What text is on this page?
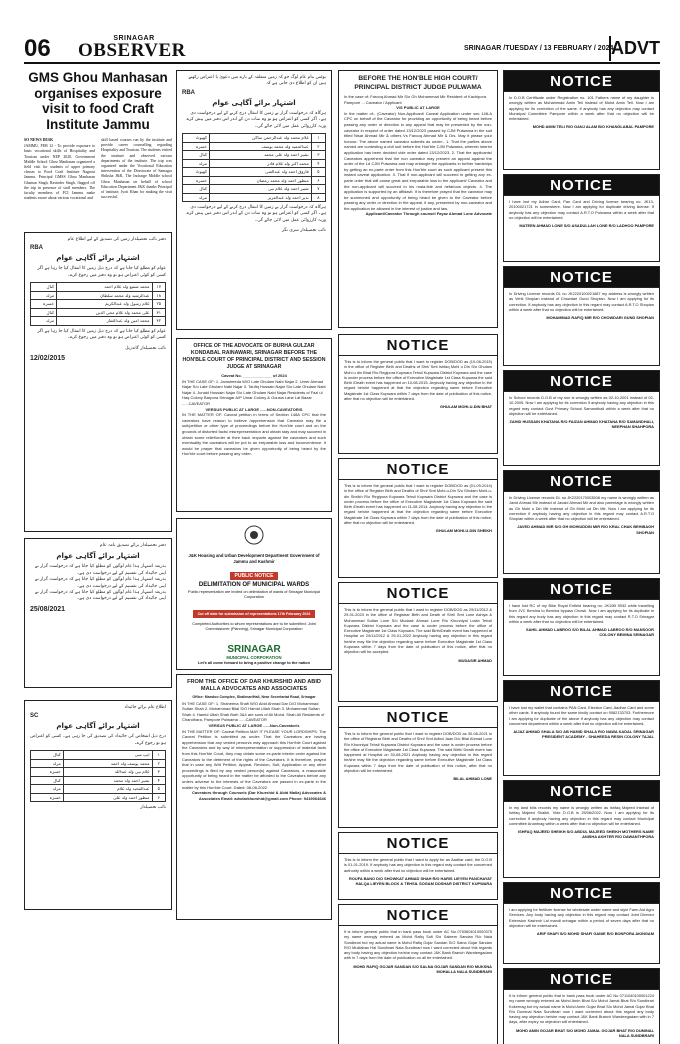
06	SRINAGAR
OBSERVER	SRINAGAR /TUESDAY / 13 FEBRUARY / 2024
ADVT
GMS Ghou Manhasan organises exposure visit to food Craft Institute Jammu
SO NEWS DESK
JAMMU, FEB 12 - To provide exposure to basic vocational skills of Hospitality and Tourism under NEP 2020, Government Middle School Ghou Manhasan organized a field visit for students of upper primary classes to Food Craft Institute Nagrota Jammu. Principal GMSS Ghou Manhasan Ghansar Singh, Ravinder Singh, flagged off the trip in presence of staff members. The faculty members of FCI Jammu make students aware about various vocational and
skill based courses run by the institute and provide career counselling regarding Hospitality and Tourism. The students visited the institute and observed various departments of the institute. The trip was organized under the Vocational Education intervention of the Directorate of Samagra Shiksha J&K. The Incharge Middle school Ghou Manhasan on behalf of school Education Department J&K thanks Principal of institute, Jyoti Khan for making the visit successful.
دفتر نائب تحصیلدار زمین کی تصدیق کے لیے اطلاع عام
RBA
اشتہار برائے آگاہی عوام
عوام کو مطلع کیا جاتا ہے کہ درج ذیل زمین کا انتقال کیا جا رہا ہے اگر کسی کو کوئی اعتراض ہو تو وہ دفتر میں رجوع کرے۔
۱۷	محمد شفیع ولد غلام احمد	کنال
۱۸	عبدالرشید ولد محمد سلطان	مرلہ
۲۵	غلام رسول ولد عبدالکریم	خسرہ
۳۱	علی محمد ولد غلام محی الدین	کنال
۳۲	محمد امین ولد عبدالغفار	مرلہ
عوام کو مطلع کیا جاتا ہے کہ درج ذیل زمین کا انتقال کیا جا رہا ہے اگر کسی کو کوئی اعتراض ہو تو وہ دفتر میں رجوع کرے۔
نائب تحصیلدار گاندربل
12/02/2015
دفتر تحصیلدار برائے تصدیق نامہ عام
اشتہار برائے آگاہی عوام
بذریعہ اشتہار ہذا عام لوگوں کو مطلع کیا جاتا ہے کہ درخواست گزار نے اپنی جائیداد کی تقسیم کے لیے درخواست دی ہے۔
بذریعہ اشتہار ہذا عام لوگوں کو مطلع کیا جاتا ہے کہ درخواست گزار نے اپنی جائیداد کی تقسیم کے لیے درخواست دی ہے۔
بذریعہ اشتہار ہذا عام لوگوں کو مطلع کیا جاتا ہے کہ درخواست گزار نے اپنی جائیداد کی تقسیم کے لیے درخواست دی ہے۔
25/08/2021
نوٹس بنام عام لوگ جو کہ زمین متعلقہ کے بارے میں دعویٰ یا اعتراض رکھتے ہیں ان کو اطلاع دی جاتی ہے کہ
RBA
اشتہار برائے آگاہی عوام
ہرگاہ کہ درخواست گزار نے زمین کا انتقال درج کرنے کے لیے درخواست دی ہے۔ اگر کسی کو اعتراض ہو تو وہ سات دن کے اندر اس دفتر میں پیش کرے ورنہ کارروائی عمل میں لائی جائے گی۔
۱	غلام محمد ولد عبدالرحمن ساکن	کھیوٹ
۲	عبدالحمید ولد محمد یوسف	خسرہ
۳	بشیر احمد ولد علی محمد	کنال
۴	محمد اکبر ولد غلام قادر	مرلہ
۵	فاروق احمد ولد عبدالغنی	کھیوٹ
۶	منظور احمد ولد محمد رمضان	خسرہ
۷	شبیر احمد ولد غلام نبی	کنال
۸	نذیر احمد ولد عبدالعزیز	مرلہ
ہرگاہ کہ درخواست گزار نے زمین کا انتقال درج کرنے کے لیے درخواست دی ہے۔ اگر کسی کو اعتراض ہو تو وہ سات دن کے اندر اس دفتر میں پیش کرے ورنہ کارروائی عمل میں لائی جائے گی۔
نائب تحصیلدار سری نگر
OFFICE OF THE ADVOCATE OF BURHA GULZAR KONDABAL RAINAWARI, SRINAGAR BEFORE THE HON'BLE COURT OF PRINCIPAL DISTRICT AND SESSION JUDGE AT SRINAGAR
Caveat No. _____________ of 2024
IN THE CASE OF: 1. Jamsheeda W/O Late Ghulam Nabi Najar 2. Umer Ahmad Najar S/o Late Ghulam Nabi Najar 3. Taufiq Hussain Najar S/o Late Ghulam Nabi Najar 4. Junaid Hussain Najar S/o Late Ghulam Nabi Najar Residents of Fazl ul Haq Colony Barpora Srinagar A/P Umar Colony & Gousia Lane Lal Bazar ......CAVEATOR
VERSUS PUBLIC AT LARGE ......NON-CAVEATOR/S
IN THE MATTER OF: Caveat petition in terms of Section 148A CPC that the caveators have reason to believe /apprehension that Caveator may file a suit/petition or other type of proceedings before the Hon'ble court and on the grounds of distorted facts/ misrepresentation and obtain stay and may succeed in obtain some relief/order at their back /exparte against the caveators and such eventuality the caveators will be put to an irreparable loss and inconvenience. It would be prayer that caveators be given opportunity of being heard by the Hon'ble court before passing any order.
J&K Housing and Urban Development Department Government of Jammu and Kashmir
PUBLIC NOTICE
DELIMITATION OF MUNICIPAL WARDS
Public representation are invited on delimitation of wards of Srinagar Municipal Corporation
Cut off date for submission of representations 17th February 2024
Completed Authorities to whom representations are to be submitted: Joint Commissioner (Planning), Srinagar Municipal Corporation
SRINAGAR
MUNICIPAL CORPORATION
Let's all come forward to bring a positive change to the nation
FROM THE OFFICE OF DAR KHURSHID AND ABID MALLA ADVOCATES AND ASSOCIATES
Office: Mandoo Complex, Shalimar/Hall, Near Secretariat Road, Srinagar
IN THE CASE OF: 1. Shaheena Shafi W/O Abid Ahmad Dar D/O Mohammad Sultan Shah 2. Mohammad Bilal S/O Hamid Ullah Shah 3. Mohammad Sultan Shah 4. Hamid Ullah Shah Both 3&4 are sons of Ali Mohd. Shah All Residents of Chandhara, Pampore Pulwama ......CAVEATOR
VERSUS PUBLIC AT LARGE ......Non-Caveator/s
IN THE MATTER OF: Caveat Petition MAY IT PLEASE YOUR LORDSHIPS: The Caveat Petition is submitted as under: That the Caveators are having apprehension that any vested person/s may approach this Hon'ble Court against the Caveators and by way of misrepresentation or suppression of material facts from this Hon'ble Court, they may obtain some ex-parte interim order against the Caveators to the detriment of the rights of the Caveators. It is therefore, prayed that in case any Writ Petition, Appeal, Revision, Suit, Application or any other proceedings is filed by any vested person(s) against Caveators, a reasonable opportunity of being heard in the matter be afforded to the Caveators before any orders adverse to the interests of the Caveators are passed in ex-parte in the matter by this Hon'ble Court. Dated: 08-08-2022
Caveators through Counsels (Dar Khurshid & Abid Malla) Advocates & Associates Email: advdarkhurshid@gmail.com Phone: 9419064646
اطلاع عام برائے جائیداد
SC
اشتہار برائے آگاہی عوام
درج ذیل اشخاص کی جائیداد کی تصدیق کی جا رہی ہے۔ کسی کو اعتراض ہو تو رجوع کرے۔
۱	ایپ سی	کنال
۲	محمد یوسف ولد احمد	مرلہ
۳	غلام نبی ولد عبدالله	خسرہ
۴	بشیر احمد ولد محمد	کنال
۵	عبدالمجید ولد غلام	مرلہ
۶	منظور احمد ولد علی	خسرہ
نائب تحصیلدار
BEFORE THE HON'BLE HIGH COURT/ PRINCIPAL DISTRICT JUDGE PULWAMA
In the case of: Farooq Ahmad Mir S/o Gh Mohammad Mir Resident of Kachipora Pampore ... Caveator / Applicant
V/S PUBLIC AT LARGE
In the matter of:- (Caveator) Non-Applicant/ Caveat Application under sec 148-A CPC on behalf of the Caveator for providing an opportunity of being heard before passing any order or direction in any appeal that may be presented by the non-caveator in respect of order dated 13/12/2023 passed by CJM Pulwama in the suit titled Nisar Ahmad Mir & others Vs Farooq Ahmad Mir & Ors. May it please your honour: The above named caveator submits as under:- 1. That the parties above named are contesting a civil suit before the Hon'ble CJM Pulwama, wherein interim application has been decided vide order dated 13/12/2023. 2. That the applicants/ Caveators apprehend that the non caveator may present an appeal against the order of the Ld CJM Pulwama and may entangle the applicants in further hardships by getting an ex-parte order from this Hon'ble court as such applicant present this instant caveat application. 3. That if non-applicant will succeed in getting any ex-parte order that will cause great and irreparable loss to the applicant/ Caveator and the non-applicant will succeed in his mala-fide and nefarious objects. 4. The application is supported by an affidavit. It is therefore prayed that the caveator may be summoned and opportunity of being heard be given to the Caveator before passing any order or direction in the appeal, if any, presented by non-caveator and the application be allowed in the interest of justice and law.
Applicant/Caveator Through counsel Fayaz Ahmad Lone Advocate
NOTICE
This is to inform the general public that I want to register DOB/DOD as (10-08-2015) in the office of Register Birth and Deaths of Shri/ Smt Ishfaq Mohi u Din S/o Ghulam Mohi u din Bhat R/o Regipora Kupwara Tehsil Kupwara District Kupwara and the case is under process before the office of Executive Magistrate 1st Class Kupwara the said Birth /Death event has happened on 10-08-2015. Anybody having any objection in the regard he/she happened at that the objection regarding same before Executive Magistrate 1st Class Kupwara within 7 days from the date of publication of this notice, after that no objection will be entertained.
GHULAM MOHI-U-DIN BHAT
NOTICE
This is to inform the general public that I want to register DOB/DOD as (01-09-2014) in the office of Register Birth and Deaths of Shri/ Smt Mohi-u-Din S/o Ghulam Mohi-u-din Sheikh R/o Regipora Kupwara Tehsil Kupwara District Kupwara and the case is under process before the office of Executive Magistrate 1st Class Kupwara the said Birth /Death event has happened on 11-08-2014. Anybody having any objection in the regard he/she happened at that the objection regarding same before Executive Magistrate 1st Class Kupwara within 7 days from the date of publication of this notice, after that no objection will be entertained.
GHULAM MOHI-U-DIN SHEIKH
NOTICE
This is to inform the general public that I want to register DOB/DOD as 29/11/2012 & 29-01-2023 in the office of Registrar Birth and Death of Shri/ Smt Lone Ashiya & Mohammad Sultan Lone S/o Mudasir Ahmad Lone R/o Khunniyal Lolab Tehsil Kupwara District Kupwara and the case is under process before the office of Executive Magistrate 1st Class Kupwara. The said Birth/Death event has happened at Hospital on 29/11/2012 & 29-01-2022 Anybody having any objection in this regard he/she may file the objection regarding same before Executive Magistrate 1st Class Kupwara within 7 days from the date of publication of this notice, after that no objection will be accepted.
MUDASIR AHMAD
NOTICE
This is to inform the general public that I want to register DOB/DOD as 30-08-2021 in the office of Registrar Birth and Deaths of Shri/ Smt Adbul Jaan D/o Bilal Ahmad Lone R/o Khunniyal Tehsil Kupwara District Kupwara and the case is under process before the office of Executive Magistrate 1st Class Kupwara. The said Birth/ Death event has happened at Hospital on 30-08-2021 Anybody having any objection in this regard he/she may file the objection regarding same before Executive Magistrate 1st Class Kupwara within 7 days from the date of publication of this notice, after that no objection will be entertained.
BILAL AHMAD LONE
NOTICE
This is to inform the general public that I want to apply for an Aadhar card, the D.O.B is 01-01-2019. If anybody has any objection in this regard may contact the concerned authority within a week after that no objection will be entertained.
ROUFA BANO D/O SHOWKAT AHMAD SHAH R/O HARIS LIEYEN PANCHAYAT HALQA LIEYEN BLOCK & TEHSIL SOGAM DOSHAR DISTRICT KUPWARA
NOTICE
It is inform general public that in bank pass book under AC No 0753604010000375 my name wrongly entered as Mohd Rafiq Sofi S/o Saleem Sandan R/o Nala Sundbrari but my actual name is Mohd Rafiq Gojar Sandan S/O Salna Gojar Sandan R/O Muklaban Hal Sundbrari Nala Sundbrari now I want corrected about this regards any body having any objection he/she may contact J&K Bank Branch Wandeegadam with in 7 days from the date of publication on all be entertained.
MOHD RAFIQ GOJAR SANDAN S/O SALNA GOJAR SANDAN R/O MUKSNA MOHALLA NALA SUNDBRARI
NOTICE
In D.O.B Certificate under Registration no. 101 Fathers name of my daughter is wrongly written as Mohammad Amin Teli instead of Mohd Amin Teli. Now I am applying for its correction of the same. If anybody has any objection may contact Municipal Committee Pampore within a week after that no objection will be entertained.
MOHD AMIN TELI R/O GANJ ALAM B/O KHANGLABAL PAMPORE
NOTICE
I have lost my Adhar Card, Pan Card and Driving license bearing no. JK13-20100021721 in somewhere. Now I am applying for duplicate driving license. If anybody has any objection may contact A.R.T.O Pulwama within a week after that no objection will be entertained.
MATEEN AHMAD LONE S/O ASADULLAH LONE R/O LADHOO PAMPORE
NOTICE
In Driving License records DL no JK2220100021687 my address is wrongly written as Vehil Shopian instead of Chowdari Gund Shopian. Now I am applying for its correction. If anybody has any objection in this regard may contact A.R.T.O Shopian within a week after that no objection will be entertained.
MOHAMMAD RAFIQ MIR R/O CHOWDARI GUND SHOPIAN
NOTICE
In School records D.O.B of my son is wrongly written as 02-10-2001 instead of 02-10-2005. Now I am applying for its correction if anybody having any objection in this regard may contact Govt Primary School Samandhali within a week after that no objection will be entertained.
ZAHID HUSSAIN KHATANA R/O FAIZAN AHMAD KHATANA R/O SAMANDHALI, NEEPHAN SHAHPORA
NOTICE
In Driving License records DL no JK2220170003508 my name is wrongly written as Javid Ahmad Mir instead of Javaid Ahmad Mir and also parentage is wrongly written as Gh Mohi u Din Mir instead of Gh Mohi ud Din Mir. Now I am applying for its correction if anybody having any objection in this regard may contact A.R.T.O Shopian within a week after that no objection will be entertained.
JAVED AHMAD MIR S/O GH MOHIUDDIN MIR R/O KRAL CHAK BEHIBAGH SHOPIAN
NOTICE
I have lost RC of my Bike Royal Enfield bearing no. JK10B 5932 while travelling from JVC Bemina to Bemina bypass Chowk. Now I am applying for its duplicate in this regard any body has any objection in this regard may contact R.T.O Srinagar within a week after that no objection will be entertained.
SAHIL AHMAD LABROO S/O BILAL AHMAD LABROO R/O MANSOOR COLONY BEMINA SRINAGAR
NOTICE
I have lost my wallet that contains PAN Card, Election Card, Aadhar Card and some other cards. If anybody found the same kindly contact on 9082133703. Furthermore I am applying for duplicate of the above if anybody has any objection may contact concerned department within a week after that no objection will be entertained.
AIJAZ AHMAD SHALA S/O AB HAMID SHALA R/O NAWA KADAL SRINAGAR PRESIDENT ACADEMY - SHAHEEDA RESIN COLONY TAJAL
NOTICE
In my land bills records my name is wrongly written as Ishfaq Majeed instead of Ishfaq Majeed Shaikh. Vide D.O.B is 25/06/2022. Now I am applying for its correction if anybody having any objection in this regard may contact Municipal committee Anantnag within a week after that no objection will be entertained.
ISHFAQ MAJEED SHEIKH S/O ABDUL MAJEED SHEIKH MOTHERS NAME ANISHA AKHTER R/O DAWANTHPORA
NOTICE
I am applying for fertilizer license for wholesale under name and style Farm Aid Agro Services. Any body having any objection in this regard may contact Joint Director Extension Kashmir Lal mandi srinagar within a period of seven days after that no objection will be entertained.
ARIF SHAFI S/O MOHD SHAFI GANIE R/O BONPORA AKINGAM
NOTICE
It is inform general public that in bank pass book under AC No 0711040100001224 my name wrongly entered as Mohd Amin Bhat S/o Mohd Jamal Bhat R/o Sundbrari Kokernag but my actual name is Mohd Amin Gojar Bhat S/o Mohd Jamal Gojar Bhat R/o Duminal Nala Sundbrari now I want corrected about this regard any body having any objection he/she may contact J&K Bank Branch Wandeegadam with in 7 days, after expiry no objection will entertained.
MOHD AMIN GOJAR BHAT S/O MOHD JAMAL GOJAR BHAT R/O DUMINAL NALA SUNDBRARI
